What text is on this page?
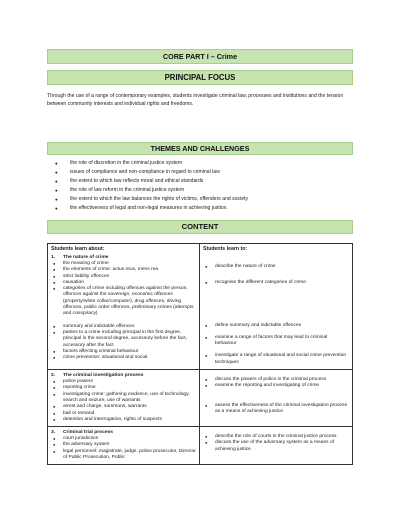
CORE PART I – Crime
PRINCIPAL FOCUS

Through the use of a range of contemporary examples, students investigate criminal law, processes and institutions and the tension between community interests and individual rights and freedoms.

THEMES AND CHALLENGES
● the role of discretion in the criminal justice system
● issues of compliance and non-compliance in regard to criminal law
● the extent to which law reflects moral and ethical standards
● the role of law reform in the criminal justice system
● the extent to which the law balances the rights of victims, offenders and society
● the effectiveness of legal and non-legal measures in achieving justice.
CONTENT
Students learn about:
1. The nature of crime
● the meaning of crime
● the elements of crime: actus reus, mens rea
● strict liability offences
● causation
● categories of crime including offences against the person, offences against the sovereign, economic offences (property/white collar/computer), drug offences, driving offences, public order offences, preliminary crimes (attempts and conspiracy)
● summary and indictable offences
● parties to a crime including principal in the first degree, principal in the second degree, accessory before the fact, accessory after the fact
● factors affecting criminal behaviour
● crime prevention: situational and social
Students learn to:
● describe the nature of crime
● recognise the different categories of crime
● define summary and indictable offences
● examine a range of factors that may lead to criminal behaviour
● investigate a range of situational and social crime prevention techniques
2. The criminal investigation process
● police powers
● reporting crime
● investigating crime: gathering evidence, use of technology, search and seizure, use of warrants
● arrest and charge, summons, warrants
● bail or remand
● detention and interrogation, rights of suspects
● discuss the powers of police in the criminal process
● examine the reporting and investigating of crime
● assess the effectiveness of the criminal investigation process as a means of achieving justice
3. Criminal trial process
● court jurisdiction
● the adversary system
● legal personnel: magistrate, judge, police prosecutor, Director of Public Prosecution, Public
● describe the role of courts in the criminal justice process
● discuss the use of the adversary system as a means of achieving justice
